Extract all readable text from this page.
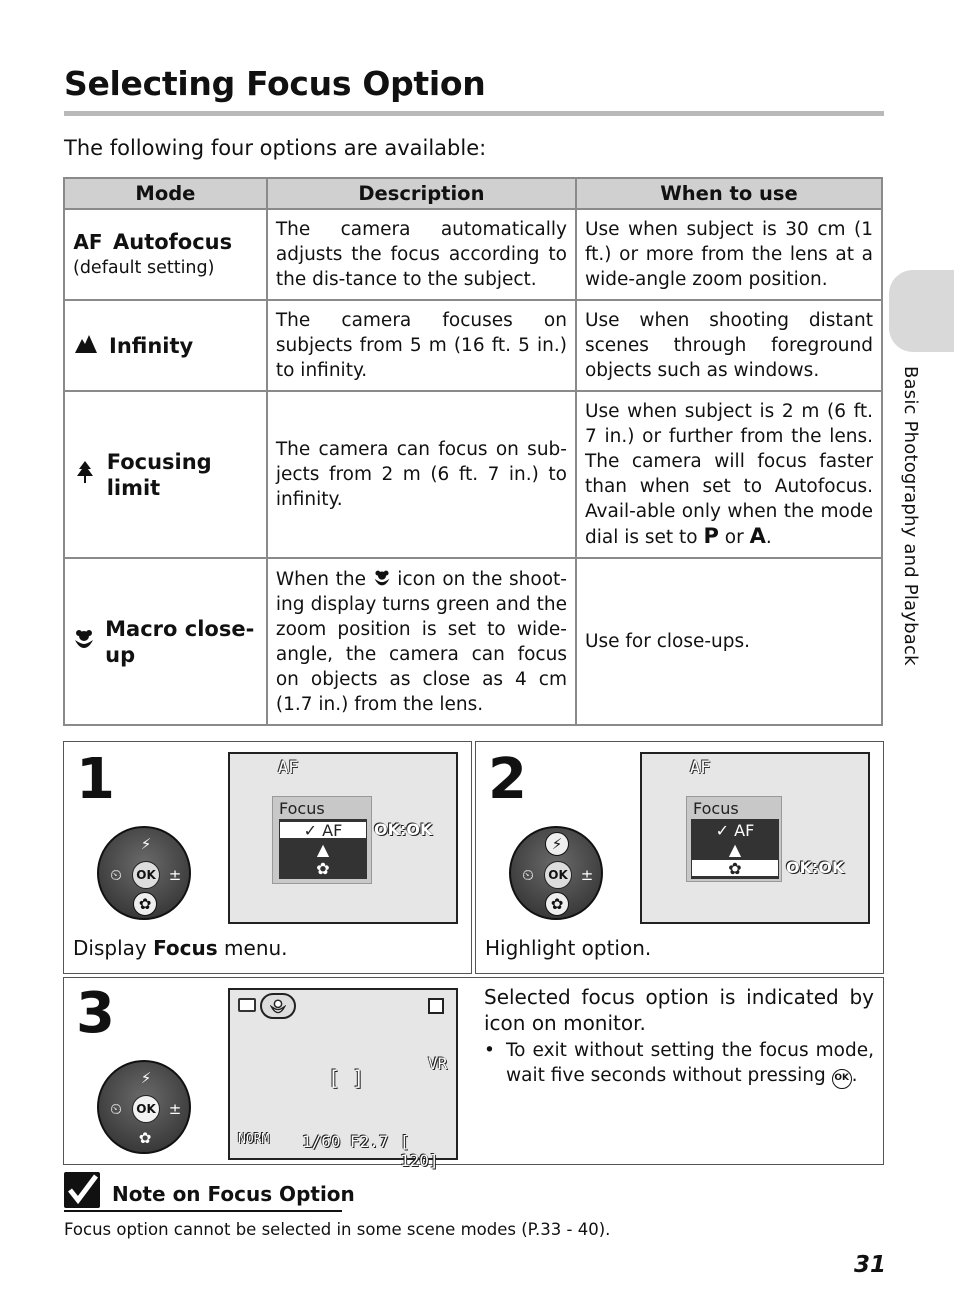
Selecting Focus Option
The following four options are available:
Basic Photography and Playback
Mode	Description	When to use

AF Autofocus
(default setting)	The camera automatically adjusts the focus according to the dis-tance to the subject.	Use when subject is 30 cm (1 ft.) or more from the lens at a wide-angle zoom position.

Infinity	The camera focuses on subjects from 5 m (16 ft. 5 in.) to infinity.	Use when shooting distant scenes through foreground objects such as windows.

Focusing limit	The camera can focus on sub-jects from 2 m (6 ft. 7 in.) to infinity.	Use when subject is 2 m (6 ft. 7 in.) or further from the lens. The camera will focus faster than when set to Autofocus. Avail-able only when the mode dial is set to P or A.

Macro close-up	When the  icon on the shoot-ing display turns green and the zoom position is set to wide-angle, the camera can focus on objects as close as 4 cm (1.7 in.) from the lens.	Use for close-ups.
1
⚡
⏲	±
✿
OK
AF
Focus
✓ AF
▲
✿
OK:OK
Display Focus menu.
2
⚡
⏲	±
✿
OK
AF
Focus
✓ AF
▲
✿	OK:OK
Highlight option.
3
⚡
⏲	±
✿
OK
VR
[ ]
NORM 1/60 F2.7 [ 120]
Selected focus option is indicated by icon on monitor.
• To exit without setting the focus mode, wait five seconds without pressing OK .
Note on Focus Option
Focus option cannot be selected in some scene modes (P.33 - 40).
31
